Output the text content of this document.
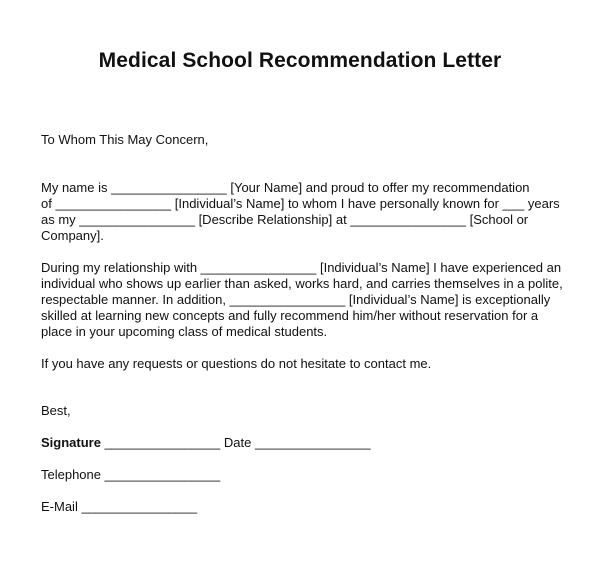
Medical School Recommendation Letter
To Whom This May Concern,
My name is ________________ [Your Name] and proud to offer my recommendation
of ________________ [Individual’s Name] to whom I have personally known for ___ years
as my ________________ [Describe Relationship] at ________________ [School or
Company].
During my relationship with ________________ [Individual’s Name] I have experienced an
individual who shows up earlier than asked, works hard, and carries themselves in a polite,
respectable manner. In addition, ________________ [Individual’s Name] is exceptionally
skilled at learning new concepts and fully recommend him/her without reservation for a
place in your upcoming class of medical students.
If you have any requests or questions do not hesitate to contact me.
Best,
Signature ________________ Date ________________
Telephone ________________
E-Mail ________________
